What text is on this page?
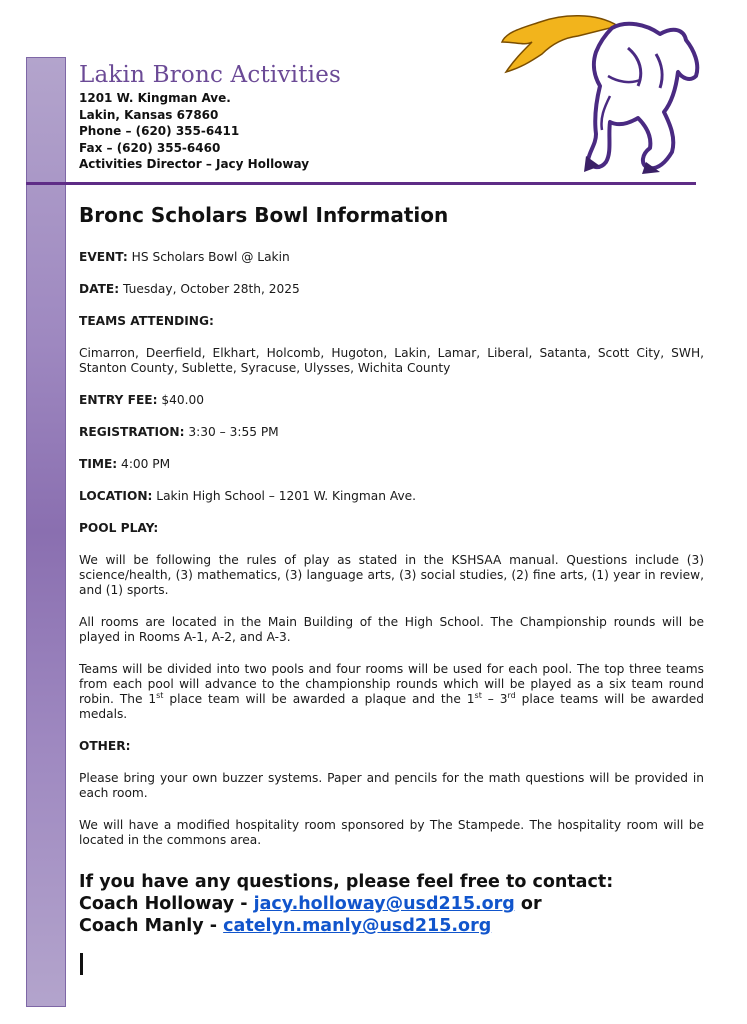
Lakin Bronc Activities
1201 W. Kingman Ave.
Lakin, Kansas 67860
Phone – (620) 355-6411
Fax – (620) 355-6460
Activities Director – Jacy Holloway
Bronc Scholars Bowl Information

EVENT: HS Scholars Bowl @ Lakin

DATE: Tuesday, October 28th, 2025

TEAMS ATTENDING:

Cimarron, Deerfield, Elkhart, Holcomb, Hugoton, Lakin, Lamar, Liberal, Satanta, Scott City, SWH, Stanton County, Sublette, Syracuse, Ulysses, Wichita County

ENTRY FEE: $40.00

REGISTRATION: 3:30 – 3:55 PM

TIME: 4:00 PM

LOCATION: Lakin High School – 1201 W. Kingman Ave.

POOL PLAY:

We will be following the rules of play as stated in the KSHSAA manual. Questions include (3) science/health, (3) mathematics, (3) language arts, (3) social studies, (2) fine arts, (1) year in review, and (1) sports.

All rooms are located in the Main Building of the High School. The Championship rounds will be played in Rooms A-1, A-2, and A-3.

Teams will be divided into two pools and four rooms will be used for each pool. The top three teams from each pool will advance to the championship rounds which will be played as a six team round robin. The 1st place team will be awarded a plaque and the 1st – 3rd place teams will be awarded medals.

OTHER:

Please bring your own buzzer systems. Paper and pencils for the math questions will be provided in each room.

We will have a modified hospitality room sponsored by The Stampede. The hospitality room will be located in the commons area.

If you have any questions, please feel free to contact:
Coach Holloway - jacy.holloway@usd215.org or
Coach Manly - catelyn.manly@usd215.org
